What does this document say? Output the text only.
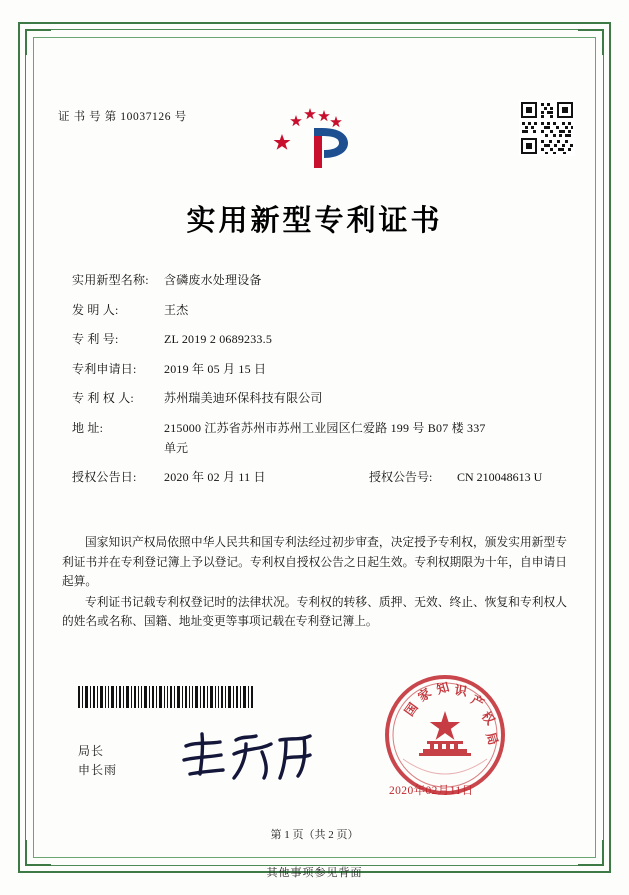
证 书 号 第 10037126 号
实用新型专利证书
实用新型名称:	含磷废水处理设备
发 明 人:	王杰
专 利 号:	ZL 2019 2 0689233.5
专利申请日:	2019 年 05 月 15 日
专 利 权 人:	苏州瑞美迪环保科技有限公司
地 址:	215000 江苏省苏州市苏州工业园区仁爱路 199 号 B07 楼 337
单元
授权公告日:	2020 年 02 月 11 日	授权公告号:	CN 210048613 U

国家知识产权局依照中华人民共和国专利法经过初步审查，决定授予专利权，颁发实用新型专利证书并在专利登记簿上予以登记。专利权自授权公告之日起生效。专利权期限为十年，自申请日起算。

专利证书记载专利权登记时的法律状况。专利权的转移、质押、无效、终止、恢复和专利权人的姓名或名称、国籍、地址变更等事项记载在专利登记簿上。

国
家 知 识
产
权
局
局长
申长雨
2020年02月11日
第 1 页（共 2 页）
其他事项参见背面
